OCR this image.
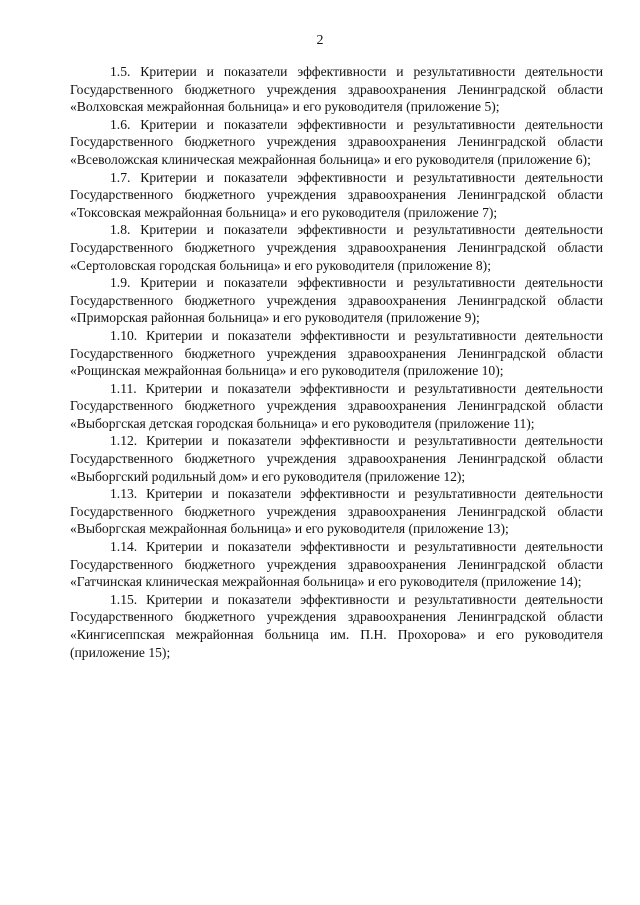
2

1.5. Критерии и показатели эффективности и результативности деятельности Государственного бюджетного учреждения здравоохранения Ленинградской области «Волховская межрайонная больница» и его руководителя (приложение 5);

1.6. Критерии и показатели эффективности и результативности деятельности Государственного бюджетного учреждения здравоохранения Ленинградской области «Всеволожская клиническая межрайонная больница» и его руководителя (приложение 6);

1.7. Критерии и показатели эффективности и результативности деятельности Государственного бюджетного учреждения здравоохранения Ленинградской области «Токсовская межрайонная больница» и его руководителя (приложение 7);

1.8. Критерии и показатели эффективности и результативности деятельности Государственного бюджетного учреждения здравоохранения Ленинградской области «Сертоловская городская больница» и его руководителя (приложение 8);

1.9. Критерии и показатели эффективности и результативности деятельности Государственного бюджетного учреждения здравоохранения Ленинградской области «Приморская районная больница» и его руководителя (приложение 9);

1.10. Критерии и показатели эффективности и результативности деятельности Государственного бюджетного учреждения здравоохранения Ленинградской области «Рощинская межрайонная больница» и его руководителя (приложение 10);

1.11. Критерии и показатели эффективности и результативности деятельности Государственного бюджетного учреждения здравоохранения Ленинградской области «Выборгская детская городская больница» и его руководителя (приложение 11);

1.12. Критерии и показатели эффективности и результативности деятельности Государственного бюджетного учреждения здравоохранения Ленинградской области «Выборгский родильный дом» и его руководителя (приложение 12);

1.13. Критерии и показатели эффективности и результативности деятельности Государственного бюджетного учреждения здравоохранения Ленинградской области «Выборгская межрайонная больница» и его руководителя (приложение 13);

1.14. Критерии и показатели эффективности и результативности деятельности Государственного бюджетного учреждения здравоохранения Ленинградской области «Гатчинская клиническая межрайонная больница» и его руководителя (приложение 14);

1.15. Критерии и показатели эффективности и результативности деятельности Государственного бюджетного учреждения здравоохранения Ленинградской области «Кингисеппская межрайонная больница им. П.Н. Прохорова» и его руководителя (приложение 15);
